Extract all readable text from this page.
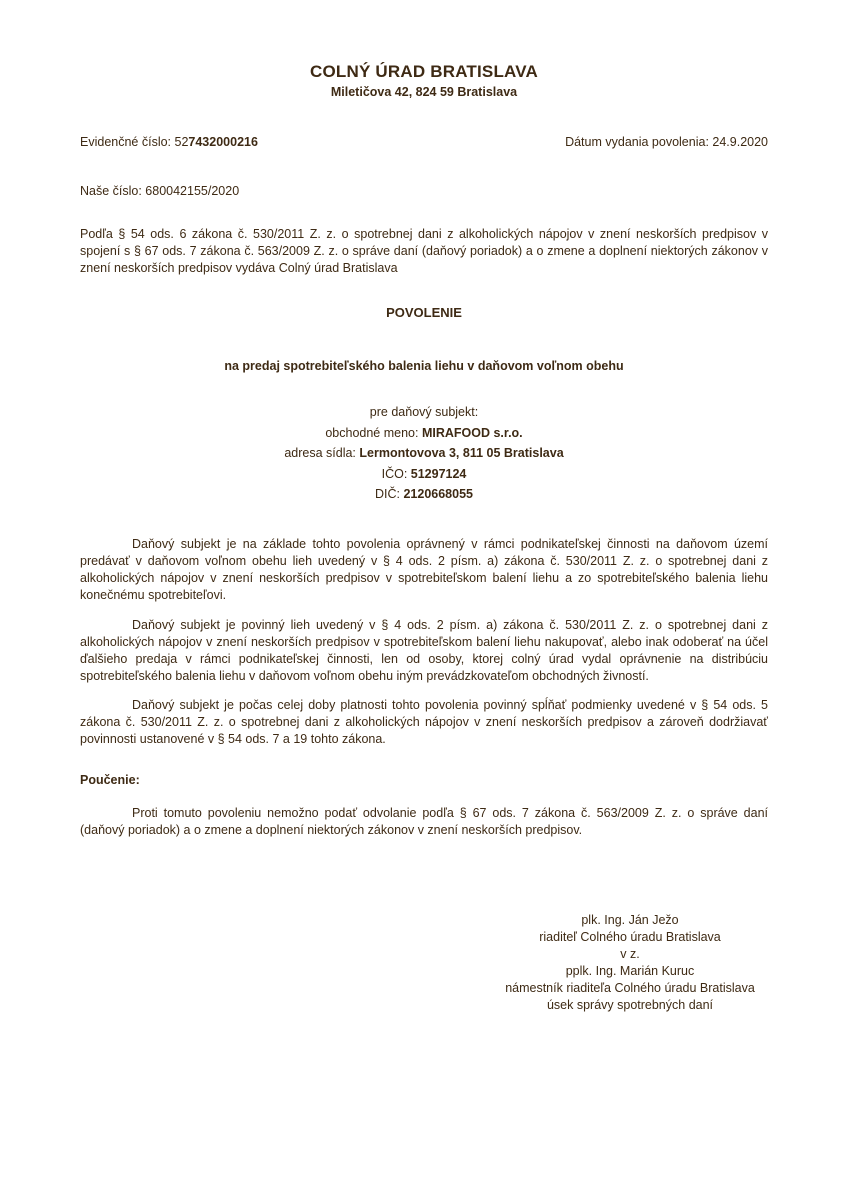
COLNÝ ÚRAD BRATISLAVA
Miletičova 42, 824 59 Bratislava
Evidenčné číslo: 527432000216	Dátum vydania povolenia: 24.9.2020
Naše číslo: 680042155/2020
Podľa § 54 ods. 6 zákona č. 530/2011 Z. z. o spotrebnej dani z alkoholických nápojov v znení neskorších predpisov v spojení s § 67 ods. 7 zákona č. 563/2009 Z. z. o správe daní (daňový poriadok) a o zmene a doplnení niektorých zákonov v znení neskorších predpisov vydáva Colný úrad Bratislava
POVOLENIE
na predaj spotrebiteľského balenia liehu v daňovom voľnom obehu
pre daňový subjekt:
obchodné meno: MIRAFOOD s.r.o.
adresa sídla: Lermontovova 3, 811 05 Bratislava
IČO: 51297124
DIČ: 2120668055
Daňový subjekt je na základe tohto povolenia oprávnený v rámci podnikateľskej činnosti na daňovom území predávať v daňovom voľnom obehu lieh uvedený v § 4 ods. 2 písm. a) zákona č. 530/2011 Z. z. o spotrebnej dani z alkoholických nápojov v znení neskorších predpisov v spotrebiteľskom balení liehu a zo spotrebiteľského balenia liehu konečnému spotrebiteľovi.
Daňový subjekt je povinný lieh uvedený v § 4 ods. 2 písm. a) zákona č. 530/2011 Z. z. o spotrebnej dani z alkoholických nápojov v znení neskorších predpisov v spotrebiteľskom balení liehu nakupovať, alebo inak odoberať na účel ďalšieho predaja v rámci podnikateľskej činnosti, len od osoby, ktorej colný úrad vydal oprávnenie na distribúciu spotrebiteľského balenia liehu v daňovom voľnom obehu iným prevádzkovateľom obchodných živností.
Daňový subjekt je počas celej doby platnosti tohto povolenia povinný spĺňať podmienky uvedené v § 54 ods. 5 zákona č. 530/2011 Z. z. o spotrebnej dani z alkoholických nápojov v znení neskorších predpisov a zároveň dodržiavať povinnosti ustanovené v § 54 ods. 7 a 19 tohto zákona.
Poučenie:
Proti tomuto povoleniu nemožno podať odvolanie podľa § 67 ods. 7 zákona č. 563/2009 Z. z. o správe daní (daňový poriadok) a o zmene a doplnení niektorých zákonov v znení neskorších predpisov.
plk. Ing. Ján Ježo
riaditeľ Colného úradu Bratislava
v z.
pplk. Ing. Marián Kuruc
námestník riaditeľa Colného úradu Bratislava
úsek správy spotrebných daní
